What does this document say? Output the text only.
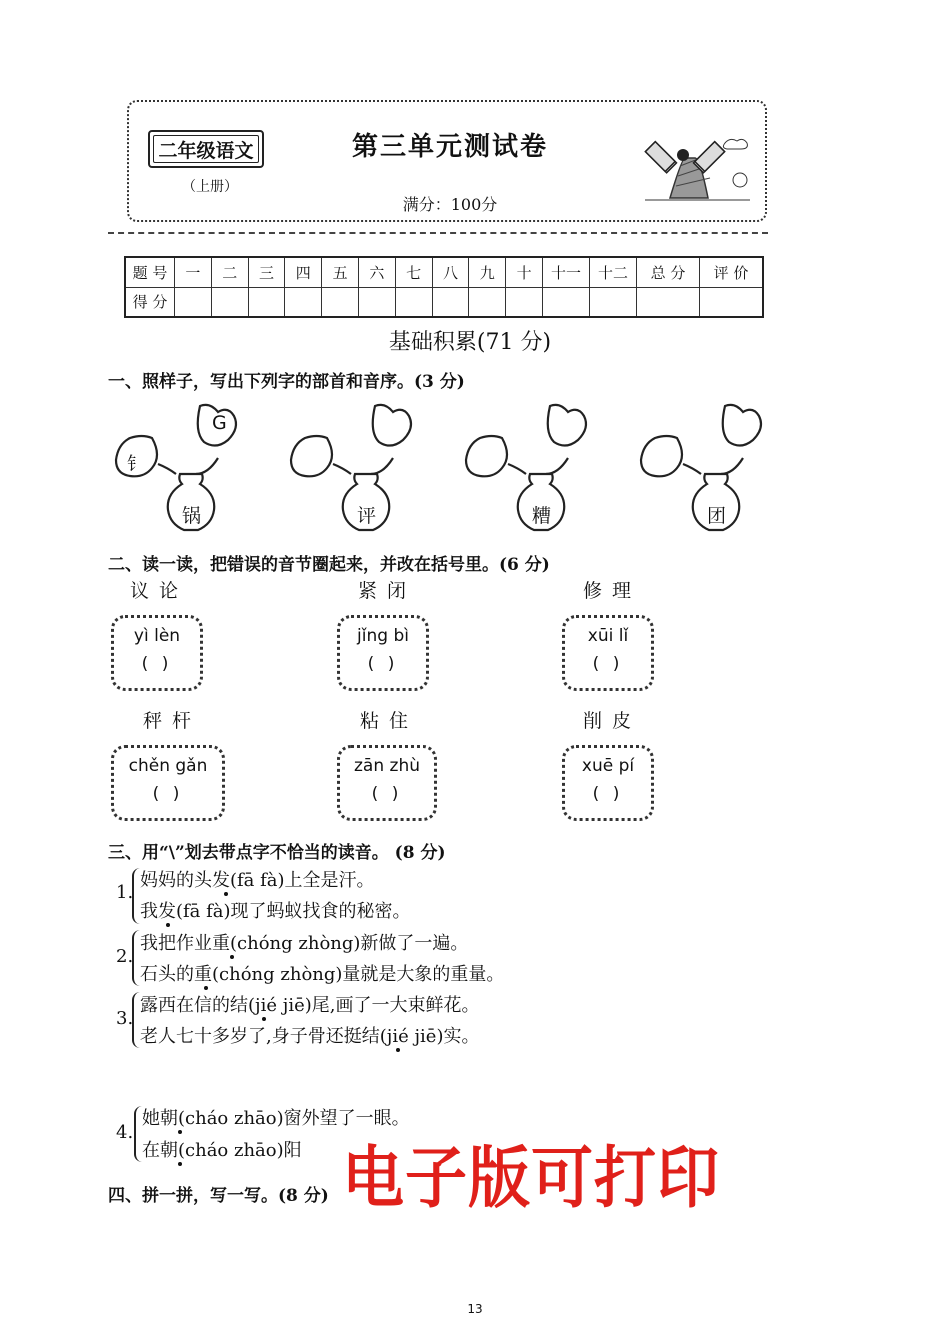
二年级语文
（上册）
第三单元测试卷
满分：100分
题 号	一	二	三	四	五	六	七	八	九	十	十一	十二	总 分	评 价
得 分														
基础积累(71 分)
一、照样子，写出下列字的部首和音序。(3 分)
G
钅
锅	评	糟	团
二、读一读，把错误的音节圈起来，并改在括号里。(6 分)
议论	紧闭	修理
yì lèn
( )
jǐng bì
( )
xūi lǐ
( )
秤杆	粘住	削皮
chěn gǎn
( )
zān zhù
( )
xuē pí
( )
三、用“\”划去带点字不恰当的读音。 (8 分)
1.
妈妈的头发(fā fà)上全是汗。
我发(fā fà)现了蚂蚁找食的秘密。
2.
我把作业重(chóng zhòng)新做了一遍。
石头的重(chóng zhòng)量就是大象的重量。
3.
露西在信的结(jié jiē)尾,画了一大束鲜花。
老人七十多岁了,身子骨还挺结(jié jiē)实。
4.
她朝(cháo zhāo)窗外望了一眼。
在朝(cháo zhāo)阳
四、拼一拼，写一写。(8 分) 电子版可打印
13
